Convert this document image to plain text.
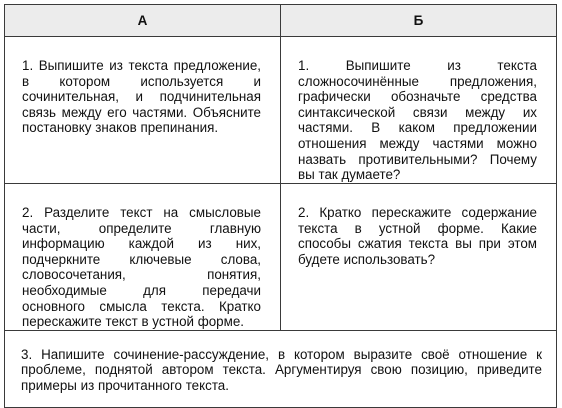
А	Б

1. Выпишите из текста предложение, в котором используется и сочинительная, и подчинительная связь между его частями. Объясните постановку знаков препинания.	1. Выпишите из текста сложносочинённые предложения, графически обозначьте средства синтаксической связи между их частями. В каком предложении отношения между частями можно назвать противительными? Почему вы так думаете?

2. Разделите текст на смысловые части, определите главную информацию каждой из них, подчеркните ключевые слова, словосочетания, понятия, необходимые для передачи основного смысла текста. Кратко перескажите текст в устной форме.	2. Кратко перескажите содержание текста в устной форме. Какие способы сжатия текста вы при этом будете использовать?

3. Напишите сочинение-рассуждение, в котором выразите своё отношение к проблеме, поднятой автором текста. Аргументируя свою позицию, приведите примеры из прочитанного текста.	
